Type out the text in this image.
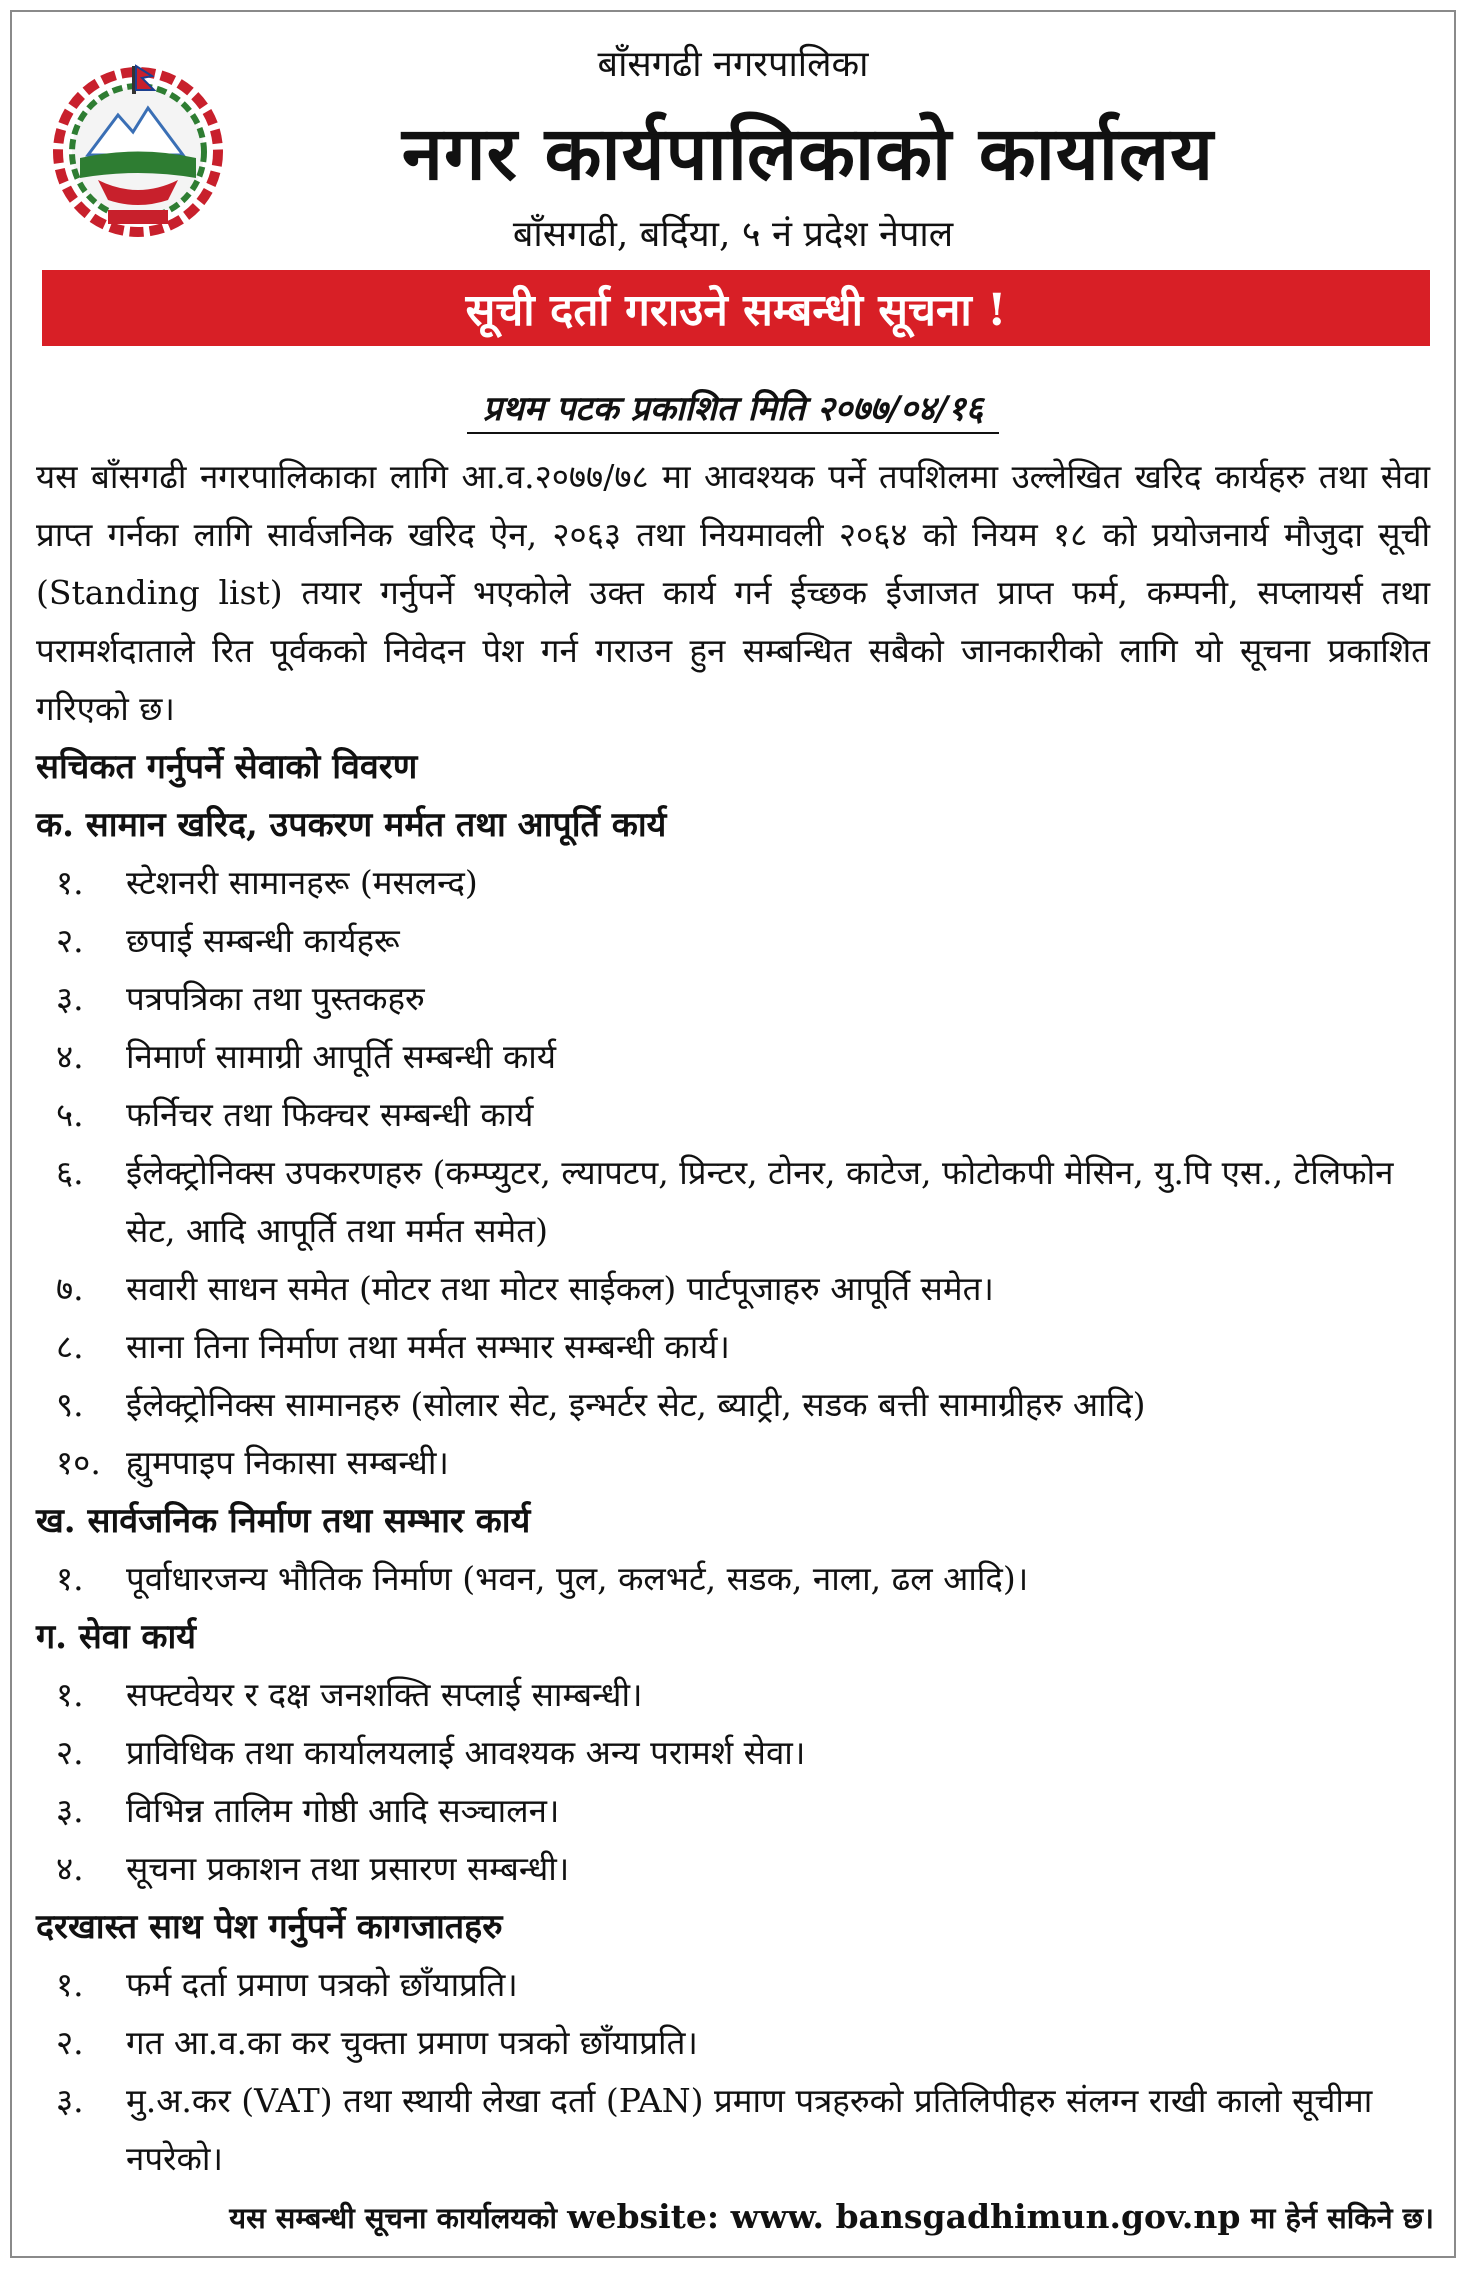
बाँसगढी नगरपालिका
नगर कार्यपालिकाको कार्यालय
बाँसगढी, बर्दिया, ५ नं प्रदेश नेपाल
सूची दर्ता गराउने सम्बन्धी सूचना !
प्रथम पटक प्रकाशित मिति २०७७/०४/१६

यस बाँसगढी नगरपालिकाका लागि आ.व.२०७७/७८ मा आवश्यक पर्ने तपशिलमा उल्लेखित खरिद कार्यहरु तथा सेवा प्राप्त गर्नका लागि सार्वजनिक खरिद ऐन, २०६३ तथा नियमावली २०६४ को नियम १८ को प्रयोजनार्य मौजुदा सूची (Standing list) तयार गर्नुपर्ने भएकोले उक्त कार्य गर्न ईच्छक ईजाजत प्राप्त फर्म, कम्पनी, सप्लायर्स तथा परामर्शदाताले रित पूर्वकको निवेदन पेश गर्न गराउन हुन सम्बन्धित सबैको जानकारीको लागि यो सूचना प्रकाशित गरिएको छ।

सचिकत गर्नुपर्ने सेवाको विवरण

क. सामान खरिद, उपकरण मर्मत तथा आपूर्ति कार्य

१.	स्टेशनरी सामानहरू (मसलन्द)
२.	छपाई सम्बन्धी कार्यहरू
३.	पत्रपत्रिका तथा पुस्तकहरु
४.	निमार्ण सामाग्री आपूर्ति सम्बन्धी कार्य
५.	फर्निचर तथा फिक्चर सम्बन्धी कार्य
६.	ईलेक्ट्रोनिक्स उपकरणहरु (कम्प्युटर, ल्यापटप, प्रिन्टर, टोनर, काटेज, फोटोकपी मेसिन, यु.पि एस., टेलिफोन सेट, आदि आपूर्ति तथा मर्मत समेत)
७.	सवारी साधन समेत (मोटर तथा मोटर साईकल) पार्टपूजाहरु आपूर्ति समेत।
८.	साना तिना निर्माण तथा मर्मत सम्भार सम्बन्धी कार्य।
९.	ईलेक्ट्रोनिक्स सामानहरु (सोलार सेट, इन्भर्टर सेट, ब्याट्री, सडक बत्ती सामाग्रीहरु आदि)
१०. ह्युमपाइप निकासा सम्बन्धी।

ख. सार्वजनिक निर्माण तथा सम्भार कार्य

१.	पूर्वाधारजन्य भौतिक निर्माण (भवन, पुल, कलभर्ट, सडक, नाला, ढल आदि)।

ग. सेवा कार्य

१.	सफ्टवेयर र दक्ष जनशक्ति सप्लाई साम्बन्धी।
२.	प्राविधिक तथा कार्यालयलाई आवश्यक अन्य परामर्श सेवा।
३.	विभिन्न तालिम गोष्ठी आदि सञ्चालन।
४.	सूचना प्रकाशन तथा प्रसारण सम्बन्धी।

दरखास्त साथ पेश गर्नुपर्ने कागजातहरु

१.	फर्म दर्ता प्रमाण पत्रको छाँयाप्रति।
२.	गत आ.व.का कर चुक्ता प्रमाण पत्रको छाँयाप्रति।
३.	मु.अ.कर (VAT) तथा स्थायी लेखा दर्ता (PAN) प्रमाण पत्रहरुको प्रतिलिपीहरु संलग्न राखी कालो सूचीमा नपरेको।
यस सम्बन्धी सूचना कार्यालयको website: www. bansgadhimun.gov.np मा हेर्न सकिने छ।
